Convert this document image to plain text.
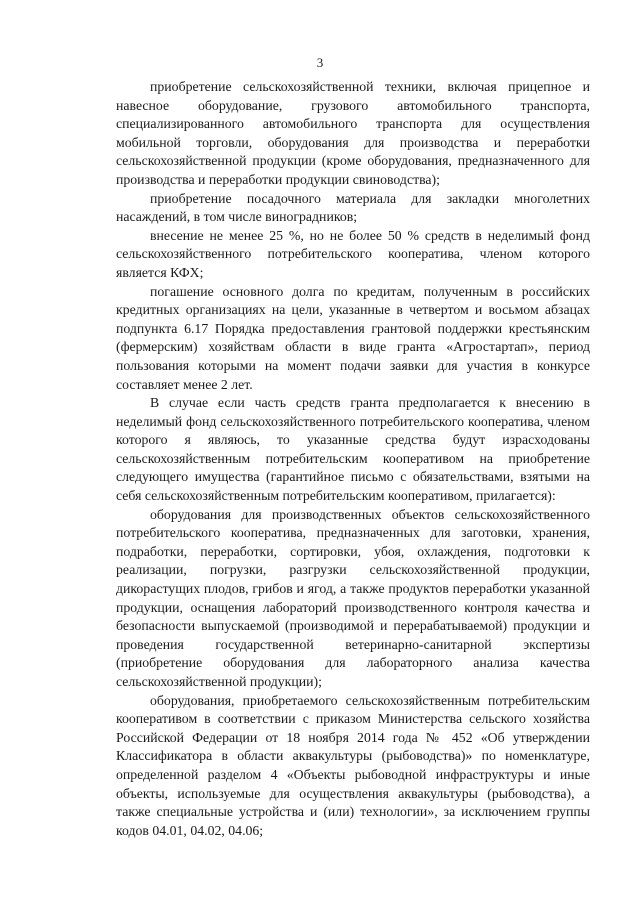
3

приобретение сельскохозяйственной техники, включая прицепное и навесное оборудование, грузового автомобильного транспорта, специализированного автомобильного транспорта для осуществления мобильной торговли, оборудования для производства и переработки сельскохозяйственной продукции (кроме оборудования, предназначенного для производства и переработки продукции свиноводства);

приобретение посадочного материала для закладки многолетних насаждений, в том числе виноградников;

внесение не менее 25 %, но не более 50 % средств в неделимый фонд сельскохозяйственного потребительского кооператива, членом которого является КФХ;

погашение основного долга по кредитам, полученным в российских кредитных организациях на цели, указанные в четвертом и восьмом абзацах подпункта 6.17 Порядка предоставления грантовой поддержки крестьянским (фермерским) хозяйствам области в виде гранта «Агростартап», период пользования которыми на момент подачи заявки для участия в конкурсе составляет менее 2 лет.

В случае если часть средств гранта предполагается к внесению в неделимый фонд сельскохозяйственного потребительского кооператива, членом которого я являюсь, то указанные средства будут израсходованы сельскохозяйственным потребительским кооперативом на приобретение следующего имущества (гарантийное письмо с обязательствами, взятыми на себя сельскохозяйственным потребительским кооперативом, прилагается):

оборудования для производственных объектов сельскохозяйственного потребительского кооператива, предназначенных для заготовки, хранения, подработки, переработки, сортировки, убоя, охлаждения, подготовки к реализации, погрузки, разгрузки сельскохозяйственной продукции, дикорастущих плодов, грибов и ягод, а также продуктов переработки указанной продукции, оснащения лабораторий производственного контроля качества и безопасности выпускаемой (производимой и перерабатываемой) продукции и проведения государственной ветеринарно-санитарной экспертизы (приобретение оборудования для лабораторного анализа качества сельскохозяйственной продукции);

оборудования, приобретаемого сельскохозяйственным потребительским кооперативом в соответствии с приказом Министерства сельского хозяйства Российской Федерации от 18 ноября 2014 года № 452 «Об утверждении Классификатора в области аквакультуры (рыбоводства)» по номенклатуре, определенной разделом 4 «Объекты рыбоводной инфраструктуры и иные объекты, используемые для осуществления аквакультуры (рыбоводства), а также специальные устройства и (или) технологии», за исключением группы кодов 04.01, 04.02, 04.06;
